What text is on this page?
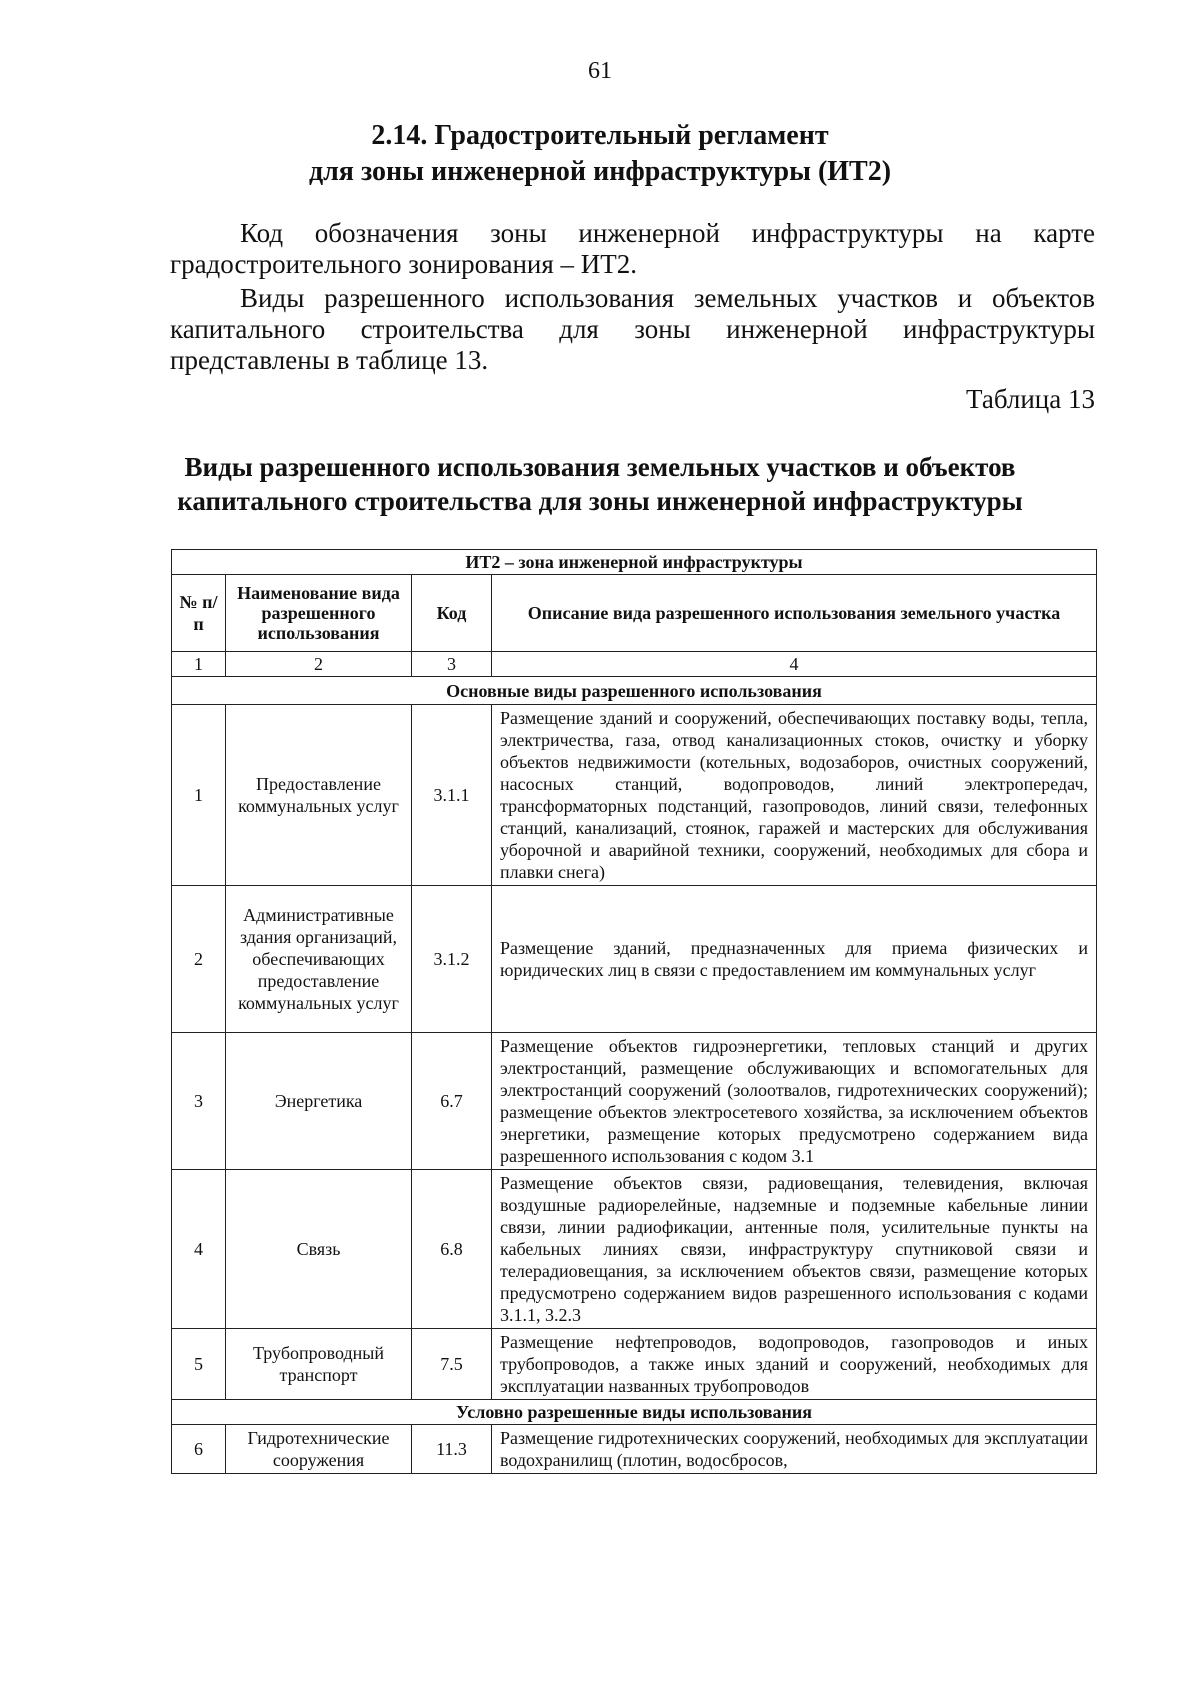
61
2.14. Градостроительный регламент
для зоны инженерной инфраструктуры (ИТ2)
Код обозначения зоны инженерной инфраструктуры на карте градостроительного зонирования – ИТ2.
Виды разрешенного использования земельных участков и объектов капитального строительства для зоны инженерной инфраструктуры представлены в таблице 13.
Таблица 13
Виды разрешенного использования земельных участков и объектов
капитального строительства для зоны инженерной инфраструктуры
ИТ2 – зона инженерной инфраструктуры			
№ п/п	Наименование вида разрешенного использования	Код	Описание вида разрешенного использования земельного участка
1	2	3	4
Основные виды разрешенного использования			
1	Предоставление коммунальных услуг	3.1.1	Размещение зданий и сооружений, обеспечивающих поставку воды, тепла, электричества, газа, отвод канализационных стоков, очистку и уборку объектов недвижимости (котельных, водозаборов, очистных сооружений, насосных станций, водопроводов, линий электропередач, трансформаторных подстанций, газопроводов, линий связи, телефонных станций, канализаций, стоянок, гаражей и мастерских для обслуживания уборочной и аварийной техники, сооружений, необходимых для сбора и плавки снега)
2	Административные здания организаций, обеспечивающих предоставление коммунальных услуг	3.1.2	Размещение зданий, предназначенных для приема физических и юридических лиц в связи с предоставлением им коммунальных услуг
3	Энергетика	6.7	Размещение объектов гидроэнергетики, тепловых станций и других электростанций, размещение обслуживающих и вспомогательных для электростанций сооружений (золоотвалов, гидротехнических сооружений); размещение объектов электросетевого хозяйства, за исключением объектов энергетики, размещение которых предусмотрено содержанием вида разрешенного использования с кодом 3.1
4	Связь	6.8	Размещение объектов связи, радиовещания, телевидения, включая воздушные радиорелейные, надземные и подземные кабельные линии связи, линии радиофикации, антенные поля, усилительные пункты на кабельных линиях связи, инфраструктуру спутниковой связи и телерадиовещания, за исключением объектов связи, размещение которых предусмотрено содержанием видов разрешенного использования с кодами 3.1.1, 3.2.3
5	Трубопроводный транспорт	7.5	Размещение нефтепроводов, водопроводов, газопроводов и иных трубопроводов, а также иных зданий и сооружений, необходимых для эксплуатации названных трубопроводов
Условно разрешенные виды использования			
6	Гидротехнические сооружения	11.3	Размещение гидротехнических сооружений, необходимых для эксплуатации водохранилищ (плотин, водосбросов,
